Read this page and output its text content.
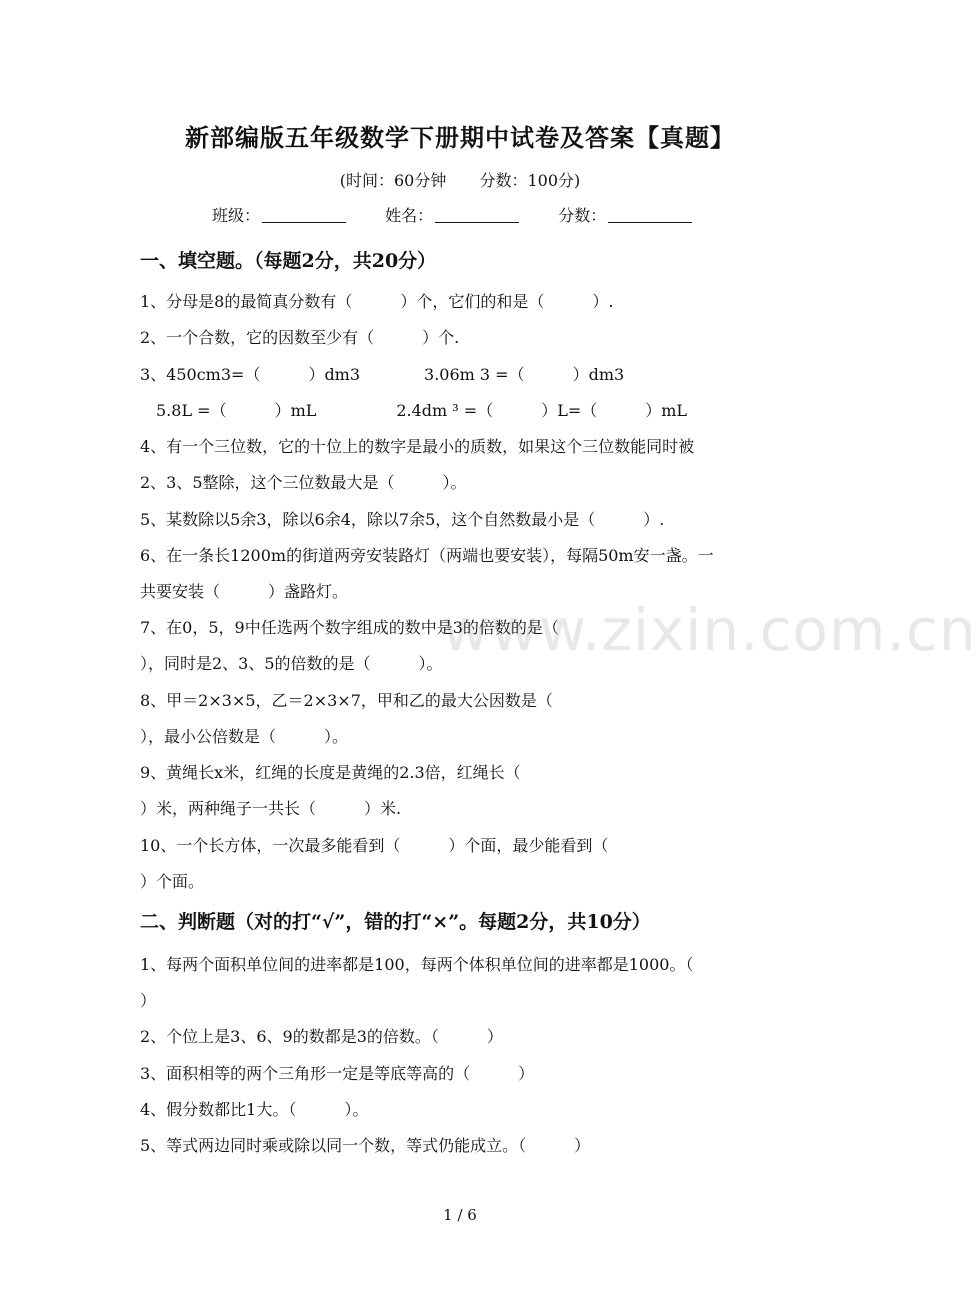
www.zixin.com.cn
新部编版五年级数学下册期中试卷及答案【真题】
(时间：60分钟 分数：100分)
班级：	姓名：	分数：
一、填空题。（每题2分，共20分）
1、分母是8的最简真分数有（　　　）个，它们的和是（　　　）.
2、一个合数，它的因数至少有（　　　）个.
3、450cm3=（　　　）dm3　　　　3.06m 3 =（　　　）dm3
　5.8L =（　　　）mL　　　　　2.4dm ³ =（　　　）L=（　　　）mL
4、有一个三位数，它的十位上的数字是最小的质数，如果这个三位数能同时被
2、3、5整除，这个三位数最大是（　　　）。
5、某数除以5余3，除以6余4，除以7余5，这个自然数最小是（　　　）.
6、在一条长1200m的街道两旁安装路灯（两端也要安装），每隔50m安一盏。一
共要安装（　　　）盏路灯。
7、在0，5，9中任选两个数字组成的数中是3的倍数的是（
），同时是2、3、5的倍数的是（　　　）。
8、甲＝2×3×5，乙＝2×3×7，甲和乙的最大公因数是（
），最小公倍数是（　　　）。
9、黄绳长x米，红绳的长度是黄绳的2.3倍，红绳长（
）米，两种绳子一共长（　　　）米.
10、一个长方体，一次最多能看到（　　　）个面，最少能看到（
）个面。
二、判断题（对的打“√”，错的打“×”。每题2分，共10分）
1、每两个面积单位间的进率都是100，每两个体积单位间的进率都是1000。（
）
2、个位上是3、6、9的数都是3的倍数。（　　　）
3、面积相等的两个三角形一定是等底等高的（　　　）
4、假分数都比1大。（　　　）。
5、等式两边同时乘或除以同一个数，等式仍能成立。（　　　）
1 / 6
